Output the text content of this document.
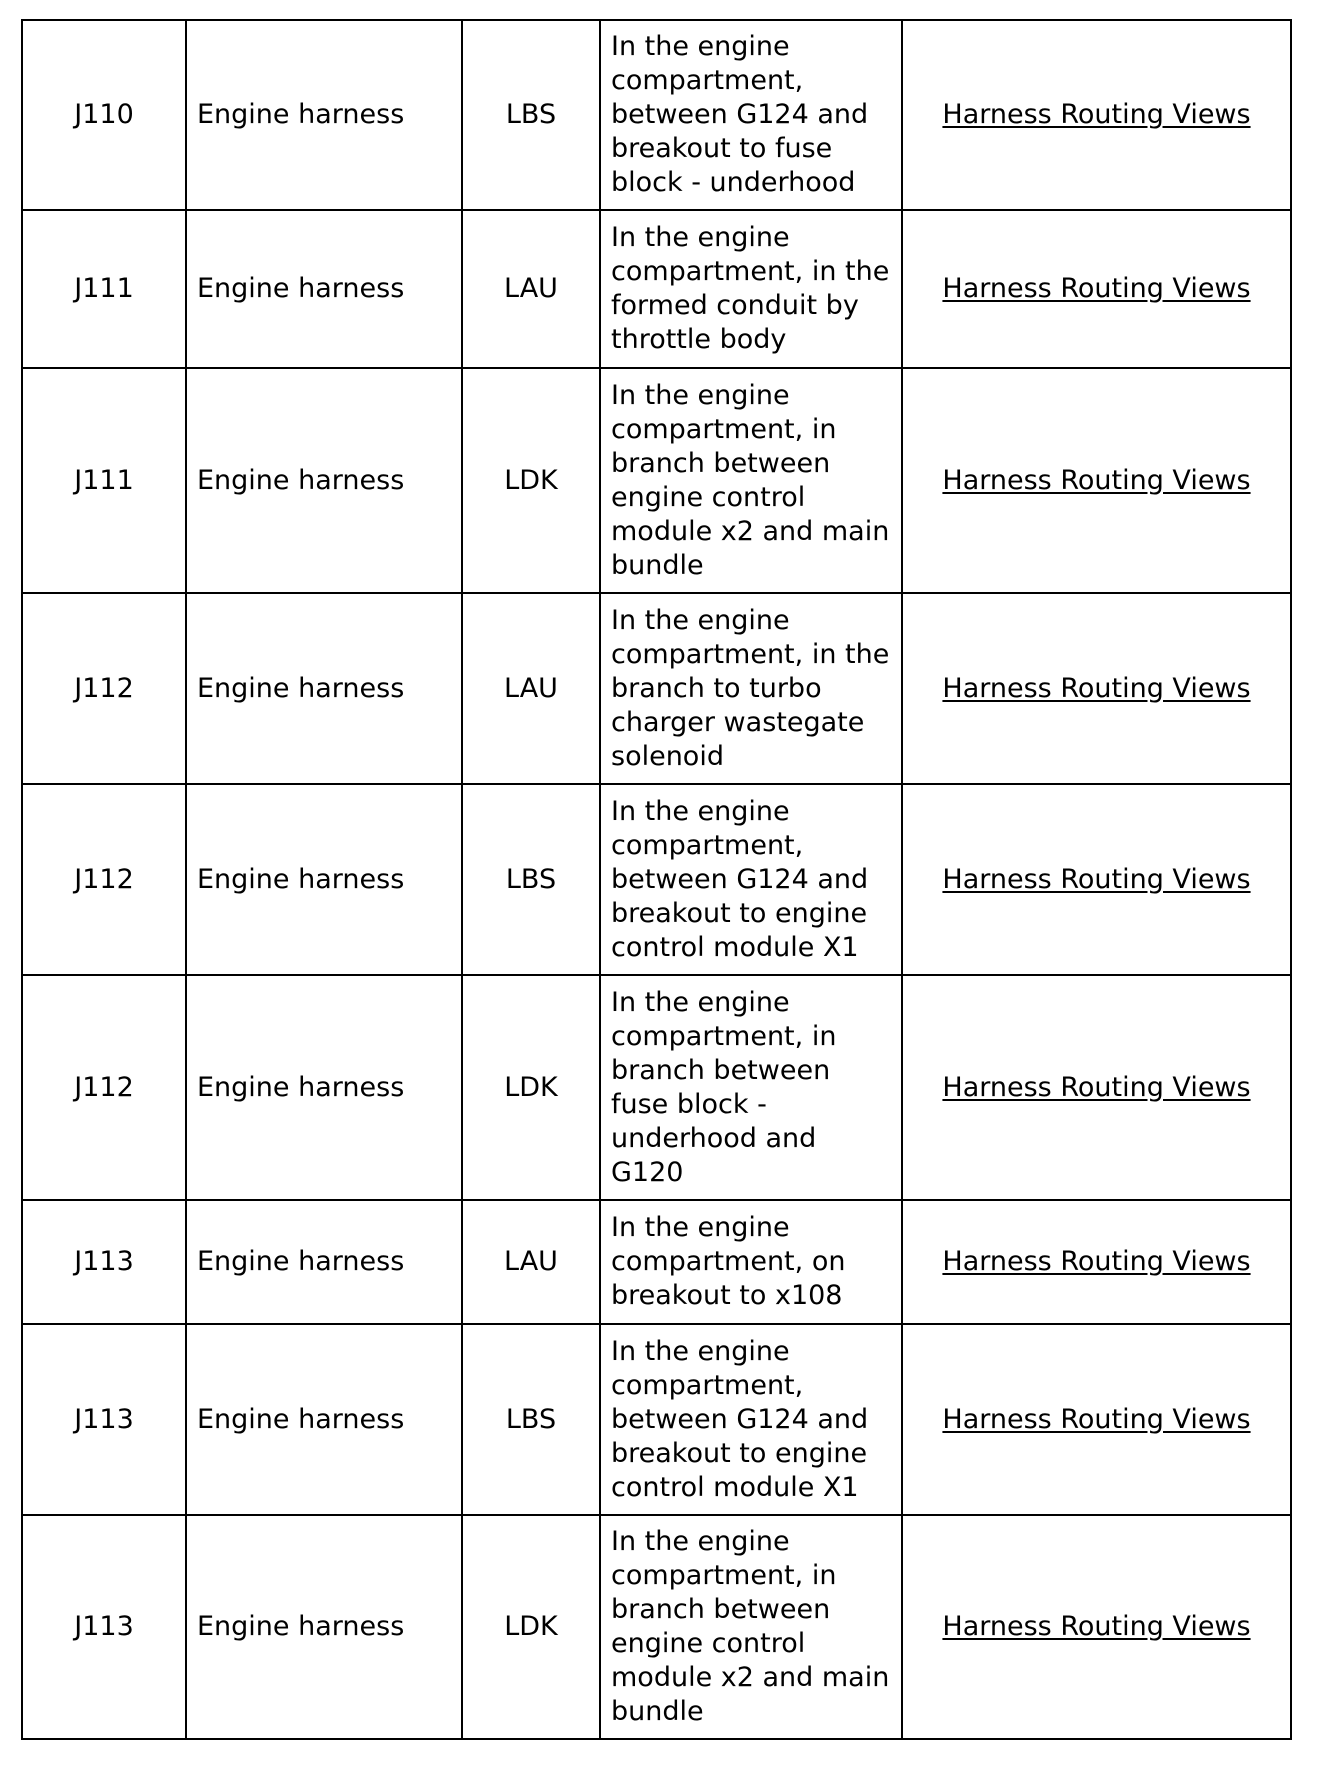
J110	Engine harness	LBS	In the engine compartment, between G124 and breakout to fuse block - underhood	Harness Routing Views
J111	Engine harness	LAU	In the engine compartment, in the formed conduit by throttle body	Harness Routing Views
J111	Engine harness	LDK	In the engine compartment, in branch between engine control module x2 and main bundle	Harness Routing Views
J112	Engine harness	LAU	In the engine compartment, in the branch to turbo charger wastegate solenoid	Harness Routing Views
J112	Engine harness	LBS	In the engine compartment, between G124 and breakout to engine control module X1	Harness Routing Views
J112	Engine harness	LDK	In the engine compartment, in branch between fuse block - underhood and G120	Harness Routing Views
J113	Engine harness	LAU	In the engine compartment, on breakout to x108	Harness Routing Views
J113	Engine harness	LBS	In the engine compartment, between G124 and breakout to engine control module X1	Harness Routing Views
J113	Engine harness	LDK	In the engine compartment, in branch between engine control module x2 and main bundle	Harness Routing Views
